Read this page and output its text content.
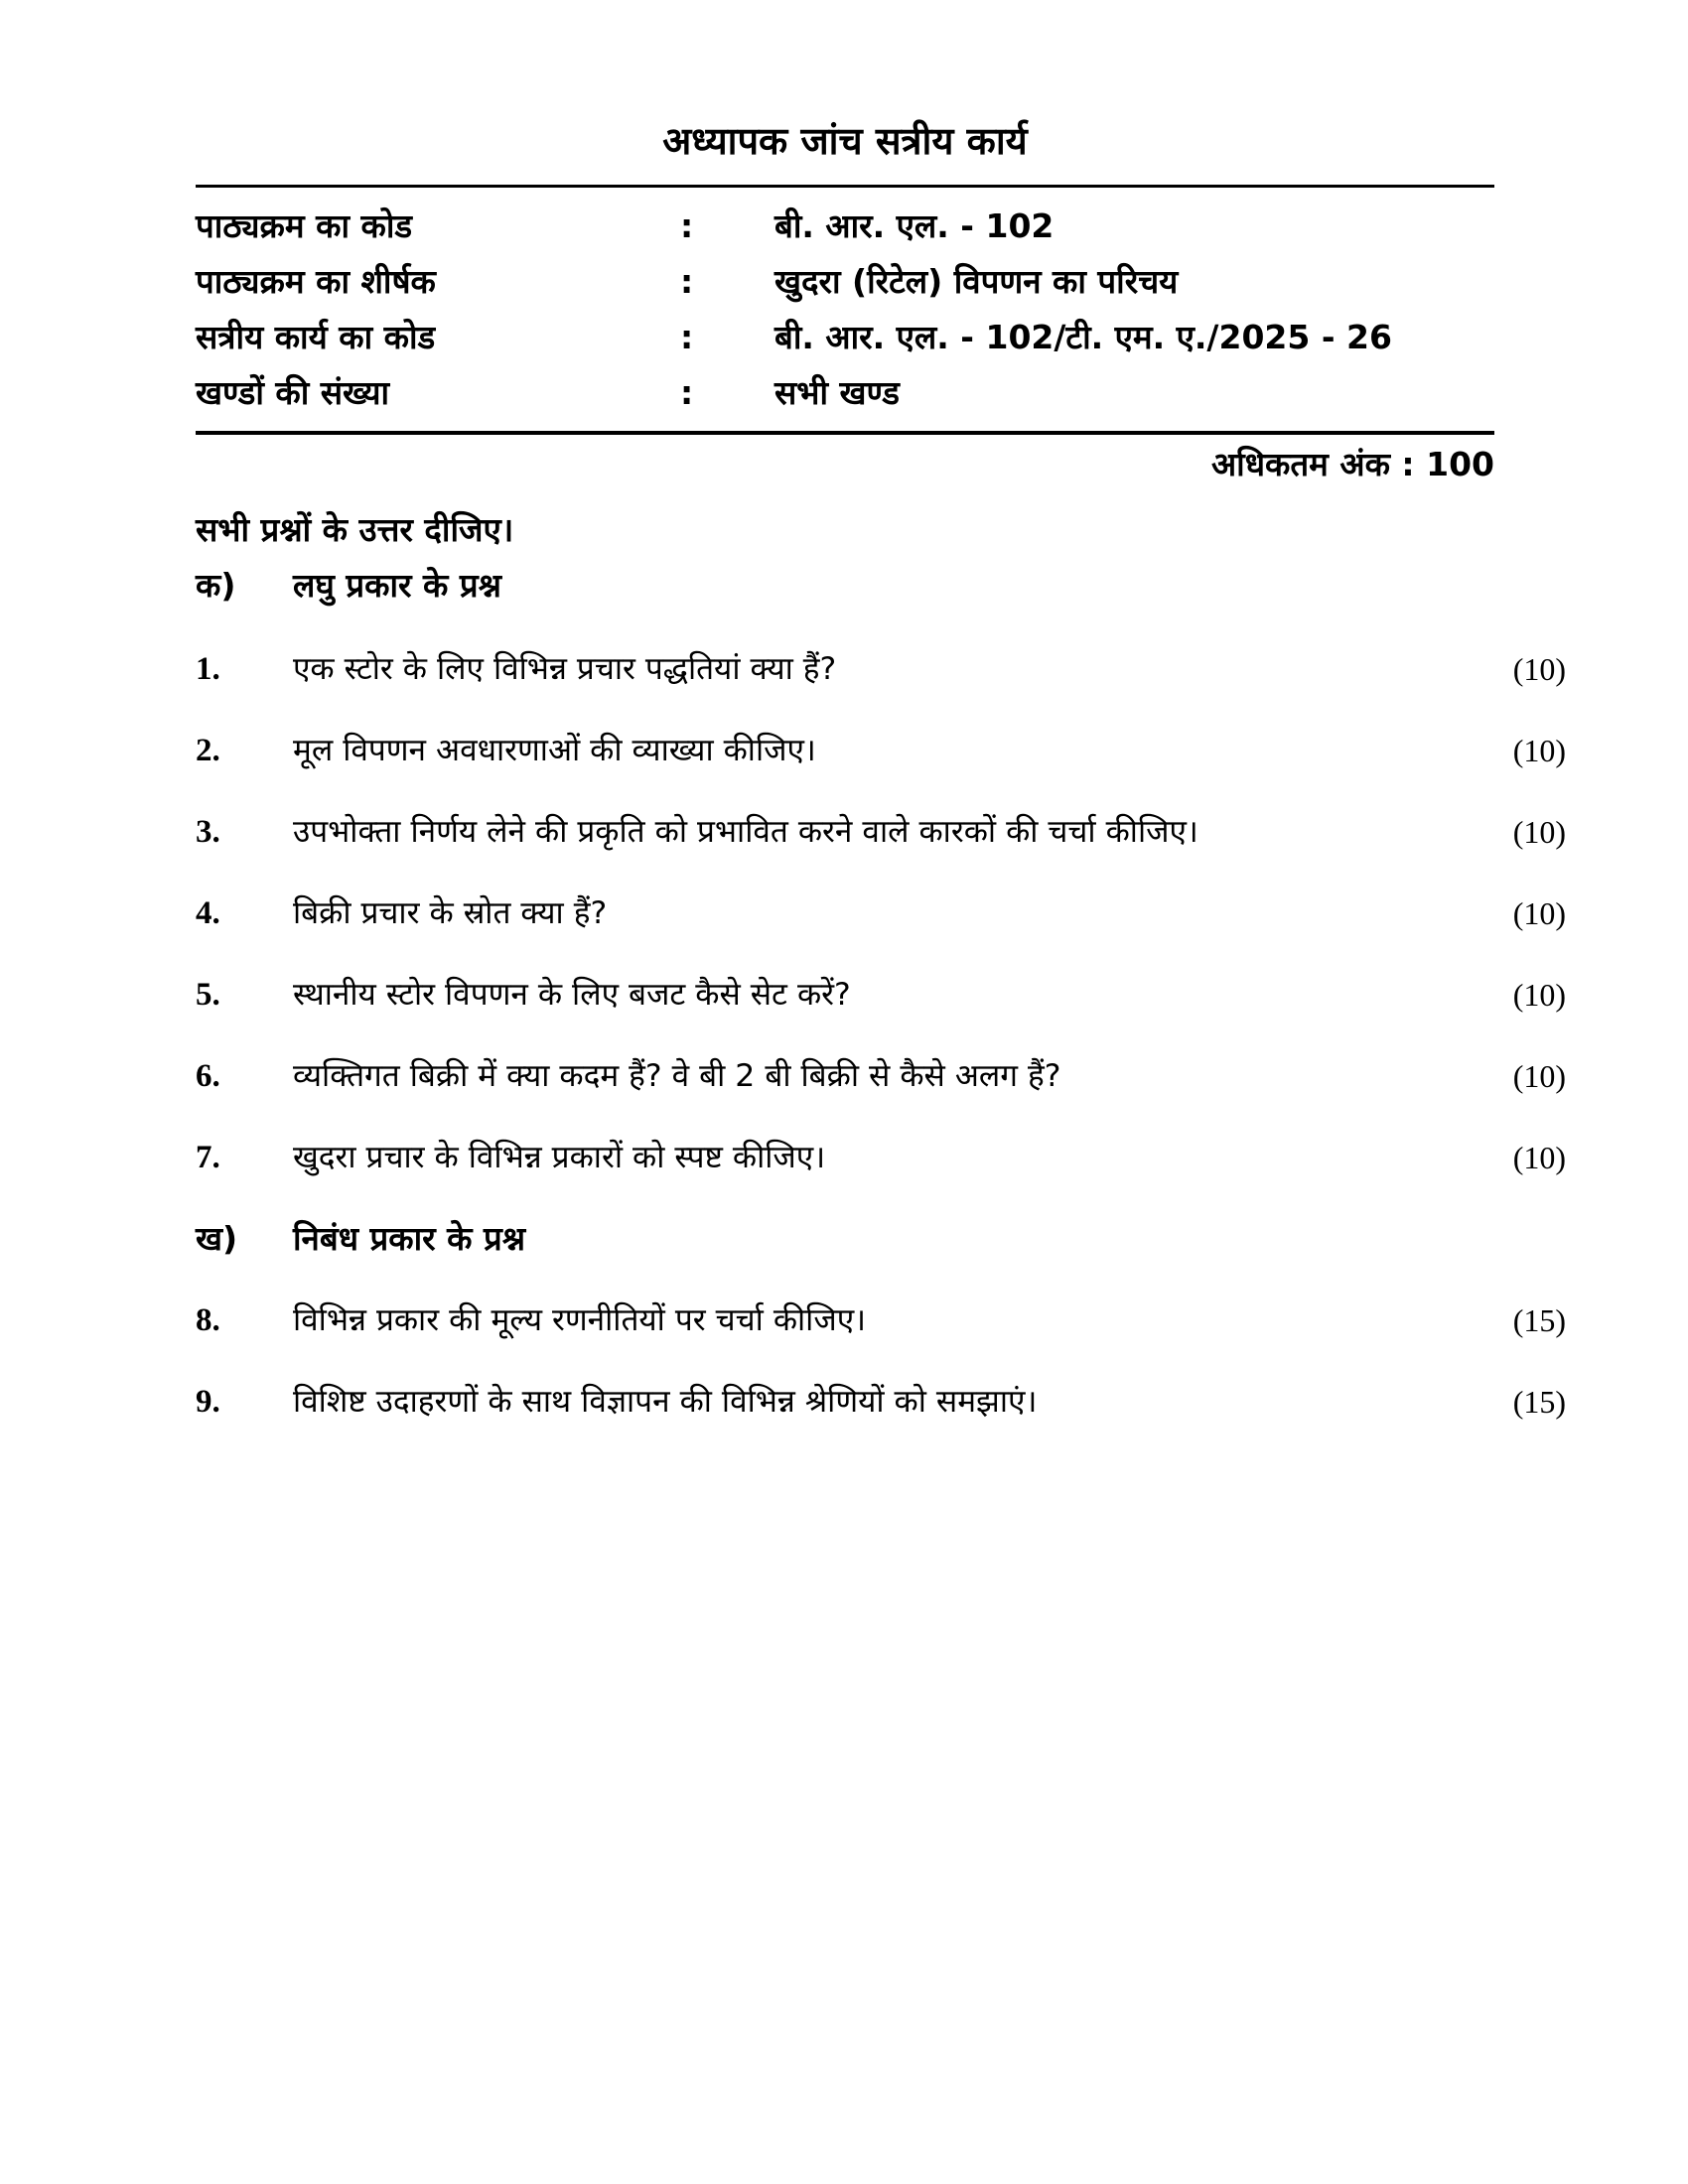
अध्यापक जांच सत्रीय कार्य
पाठ्यक्रम का कोड	:	बी. आर. एल. - 102
पाठ्यक्रम का शीर्षक	:	खुदरा (रिटेल) विपणन का परिचय
सत्रीय कार्य का कोड	:	बी. आर. एल. - 102/टी. एम. ए./2025 - 26
खण्डों की संख्या	:	सभी खण्ड
अधिकतम अंक : 100
सभी प्रश्नों के उत्तर दीजिए।
क)	लघु प्रकार के प्रश्न
1.	एक स्टोर के लिए विभिन्न प्रचार पद्धतियां क्या हैं?	(10)
2.	मूल विपणन अवधारणाओं की व्याख्या कीजिए।	(10)
3.	उपभोक्ता निर्णय लेने की प्रकृति को प्रभावित करने वाले कारकों की चर्चा कीजिए।	(10)
4.	बिक्री प्रचार के स्रोत क्या हैं?	(10)
5.	स्थानीय स्टोर विपणन के लिए बजट कैसे सेट करें?	(10)
6.	व्यक्तिगत बिक्री में क्या कदम हैं? वे बी 2 बी बिक्री से कैसे अलग हैं?	(10)
7.	खुदरा प्रचार के विभिन्न प्रकारों को स्पष्ट कीजिए।	(10)
ख)	निबंध प्रकार के प्रश्न
8.	विभिन्न प्रकार की मूल्य रणनीतियों पर चर्चा कीजिए।	(15)
9.	विशिष्ट उदाहरणों के साथ विज्ञापन की विभिन्न श्रेणियों को समझाएं।	(15)
